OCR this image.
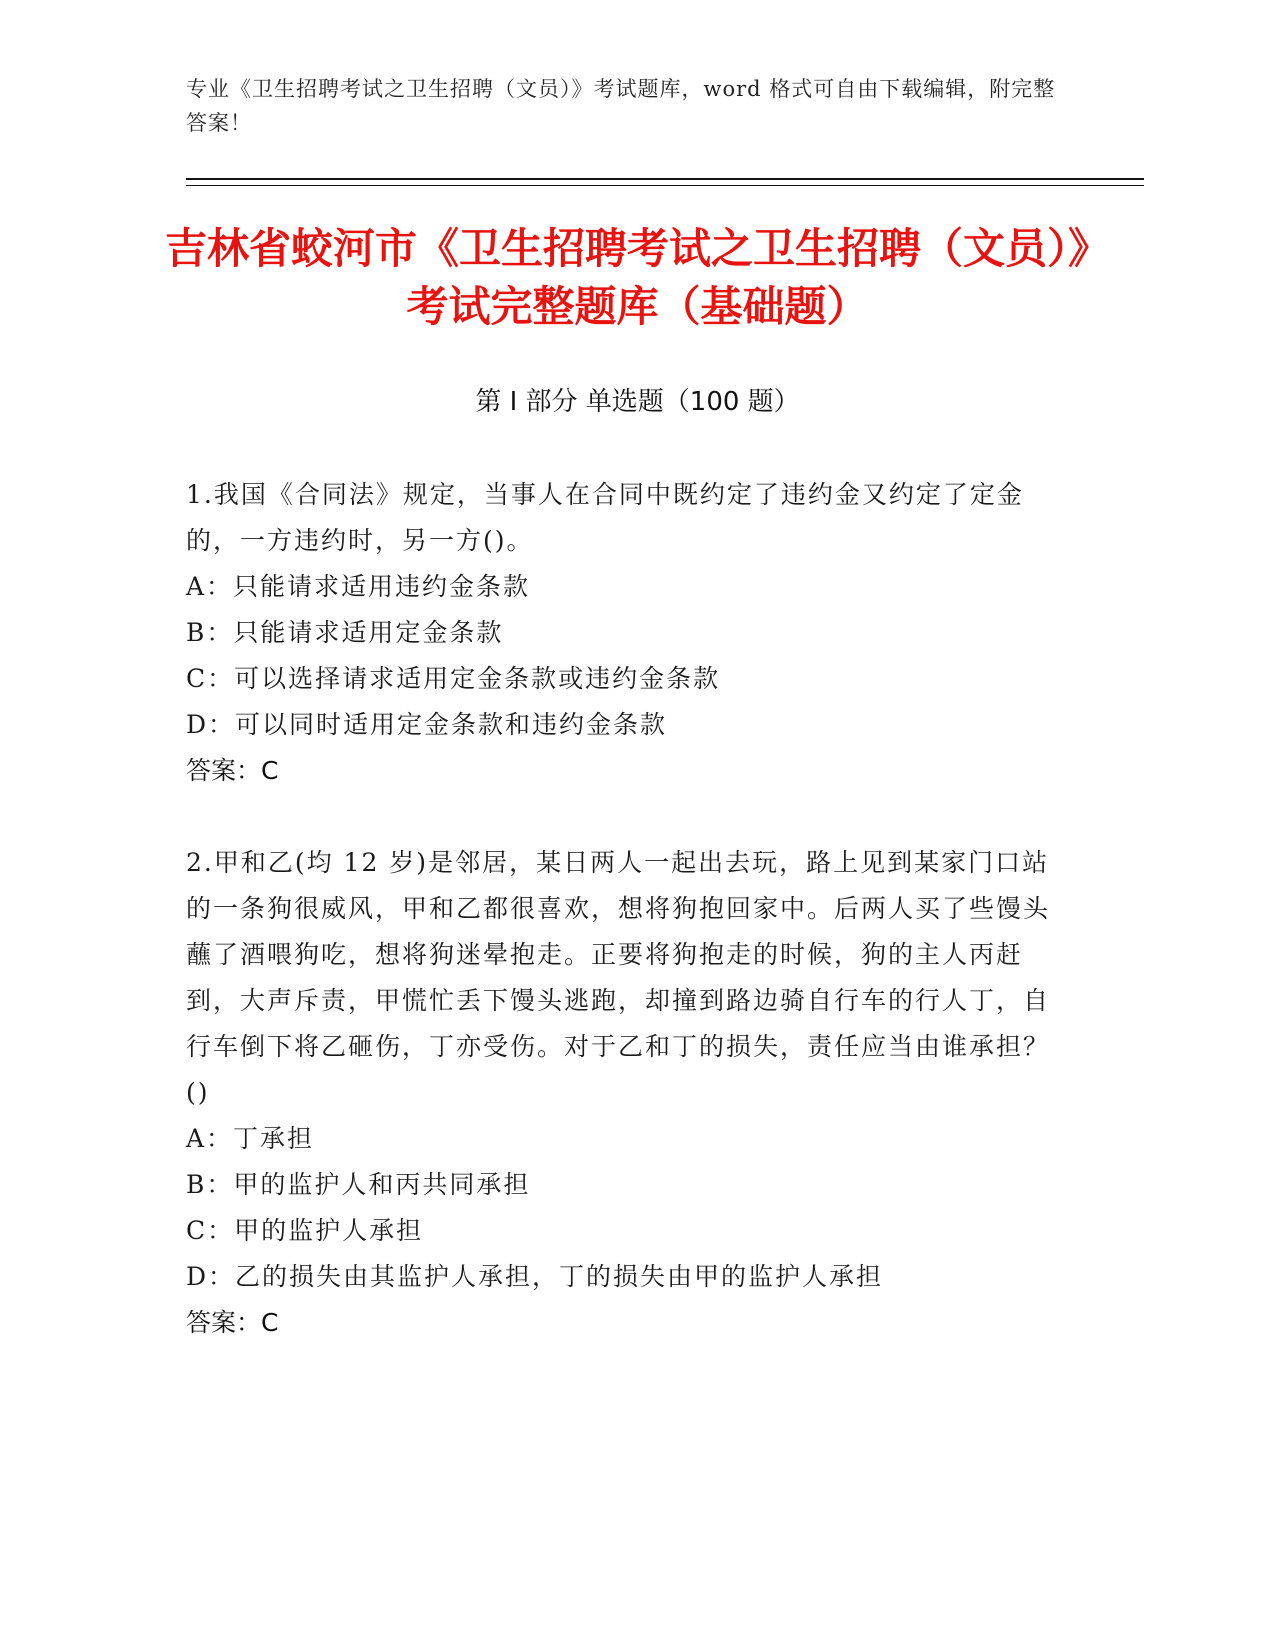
专业《卫生招聘考试之卫生招聘（文员）》考试题库，word 格式可自由下载编辑，附完整答案！
吉林省蛟河市《卫生招聘考试之卫生招聘（文员）》考试完整题库（基础题）
第 I 部分 单选题（100 题）
1.我国《合同法》规定，当事人在合同中既约定了违约金又约定了定金的，一方违约时，另一方()。
A：只能请求适用违约金条款
B：只能请求适用定金条款
C：可以选择请求适用定金条款或违约金条款
D：可以同时适用定金条款和违约金条款
答案：C
2.甲和乙(均 12 岁)是邻居，某日两人一起出去玩，路上见到某家门口站的一条狗很威风，甲和乙都很喜欢，想将狗抱回家中。后两人买了些馒头蘸了酒喂狗吃，想将狗迷晕抱走。正要将狗抱走的时候，狗的主人丙赶到，大声斥责，甲慌忙丢下馒头逃跑，却撞到路边骑自行车的行人丁，自行车倒下将乙砸伤，丁亦受伤。对于乙和丁的损失，责任应当由谁承担？()
A：丁承担
B：甲的监护人和丙共同承担
C：甲的监护人承担
D：乙的损失由其监护人承担，丁的损失由甲的监护人承担
答案：C
